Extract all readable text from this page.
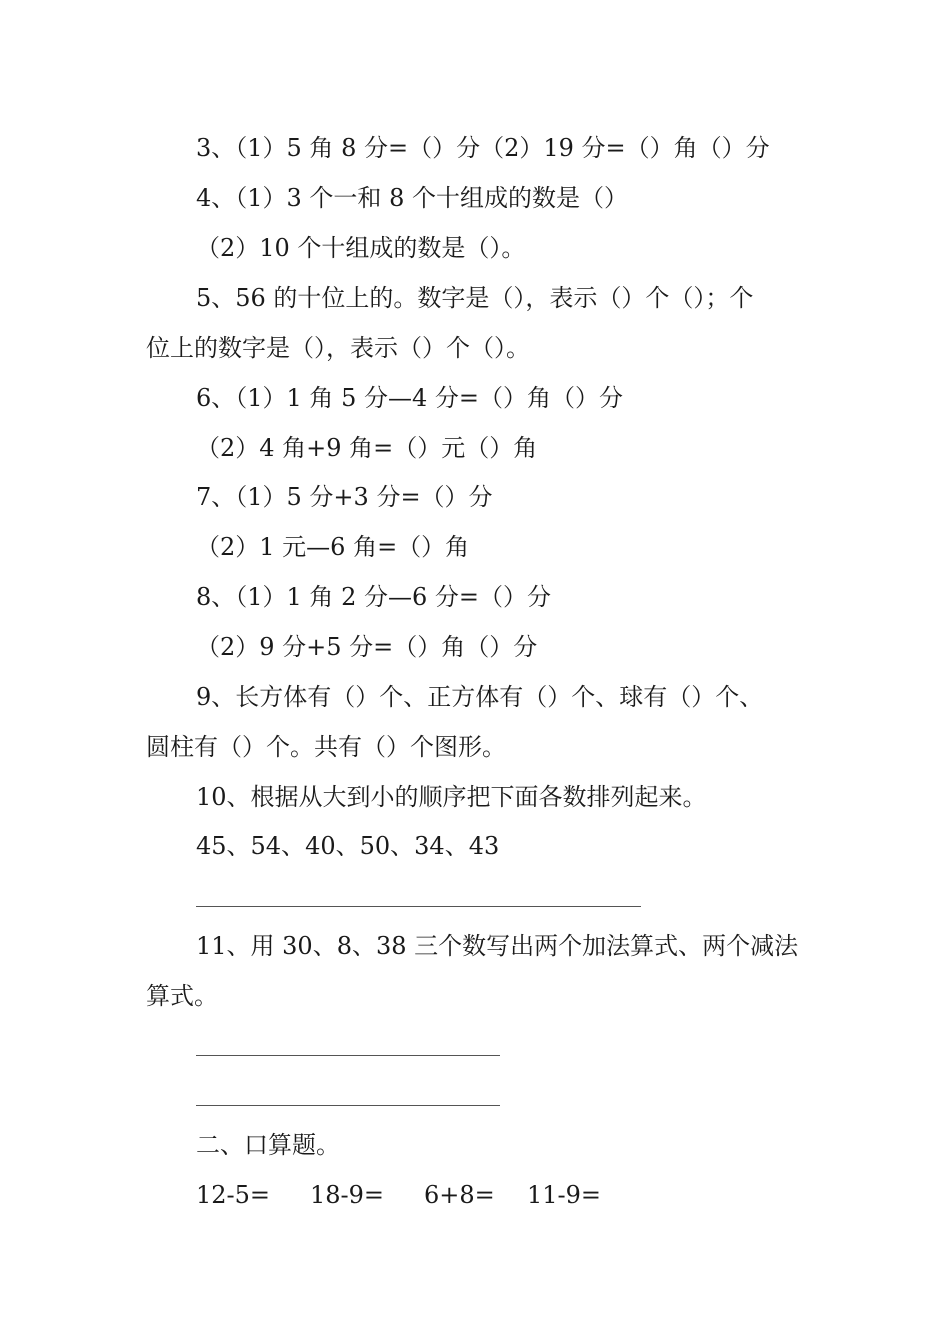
3、（1）5 角 8 分=（）分（2）19 分=（）角（）分
4、（1）3 个一和 8 个十组成的数是（）
（2）10 个十组成的数是（）。
5、56 的十位上的。数字是（），表示（）个（）；个
位上的数字是（），表示（）个（）。
6、（1）1 角 5 分—4 分=（）角（）分
（2）4 角+9 角=（）元（）角
7、（1）5 分+3 分=（）分
（2）1 元—6 角=（）角
8、（1）1 角 2 分—6 分=（）分
（2）9 分+5 分=（）角（）分
9、长方体有（）个、正方体有（）个、球有（）个、
圆柱有（）个。共有（）个图形。
10、根据从大到小的顺序把下面各数排列起来。
45、54、40、50、34、43
11、用 30、8、38 三个数写出两个加法算式、两个减法
算式。
二、口算题。
12-5= 18-9= 6+8= 11-9=
